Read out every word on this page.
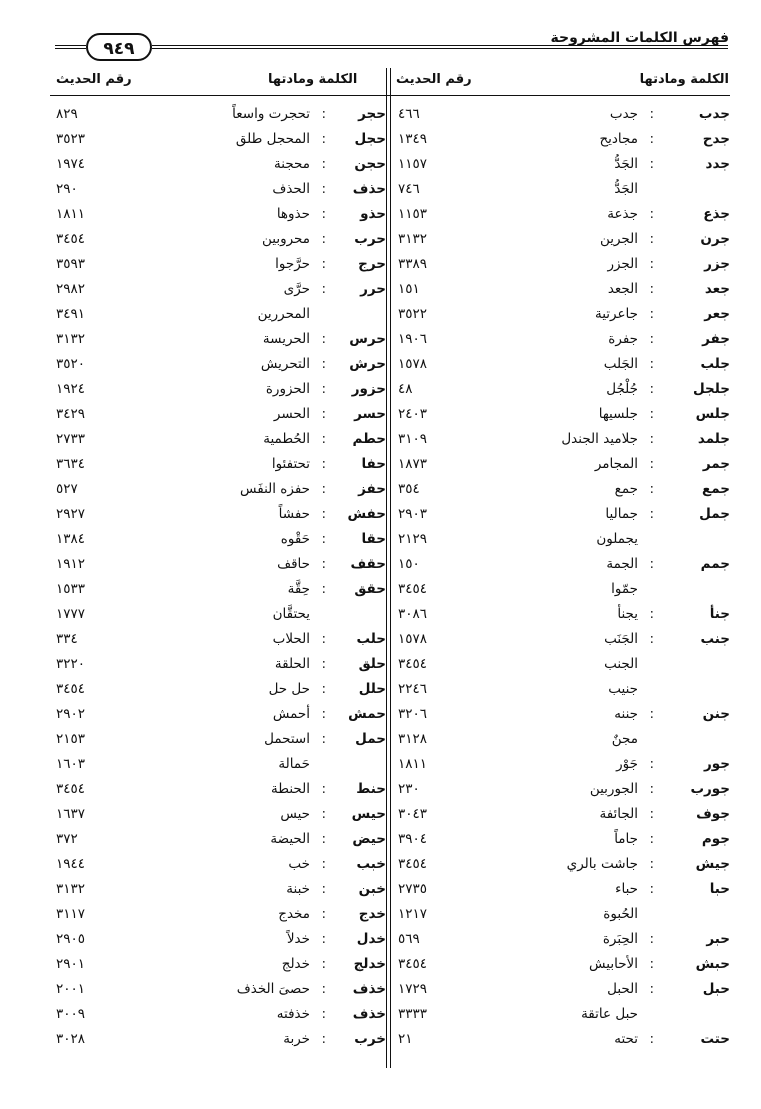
فهرس الكلمات المشروحة
٩٤٩
الكلمة ومادتها
رقم الحديث
الكلمة ومادتها
رقم الحديث
جدب
:
جدب
٤٦٦
جدح
:
مجاديح
١٣٤٩
جدد
:
الجَدُّ
١١٥٧
الجَدُّ
٧٤٦
جذع
:
جذعة
١١٥٣
جرن
:
الجرين
٣١٣٢
جزر
:
الجزر
٣٣٨٩
جعد
:
الجعد
١٥١
جعر
:
جاعرتية
٣٥٢٢
جفر
:
جفرة
١٩٠٦
جلب
:
الجَلب
١٥٧٨
جلجل
:
جُلْجُل
٤٨
جلس
:
جلسيها
٢٤٠٣
جلمد
:
جلاميد الجندل
٣١٠٩
جمر
:
المجامر
١٨٧٣
جمع
:
جمع
٣٥٤
جمل
:
جماليا
٢٩٠٣
يجملون
٢١٢٩
جمم
:
الجمة
١٥٠
جمّوا
٣٤٥٤
جنأ
:
يجنأ
٣٠٨٦
جنب
:
الجَنَب
١٥٧٨
الجنب
٣٤٥٤
جنيب
٢٢٤٦
جنن
:
جننه
٣٢٠٦
مجنٌ
٣١٢٨
جور
:
جَوْر
١٨١١
جورب
:
الجوربين
٢٣٠
جوف
:
الجائفة
٣٠٤٣
جوم
:
جاماً
٣٩٠٤
جيش
:
جاشت بالري
٣٤٥٤
حبا
:
حباء
٢٧٣٥
الحُبوة
١٢١٧
حبر
:
الحِبَرة
٥٦٩
حبش
:
الأحابيش
٣٤٥٤
حبل
:
الحبل
١٧٢٩
حبل عاتقة
٣٣٣٣
حتت
:
تحته
٢١
حجر
:
تحجرت واسعاً
٨٢٩
حجل
:
المحجل طلق
٣٥٢٣
حجن
:
محجنة
١٩٧٤
حذف
:
الحذف
٢٩٠
حذو
:
حذوها
١٨١١
حرب
:
محروبين
٣٤٥٤
حرج
:
حرَّجوا
٣٥٩٣
حرر
:
حرَّى
٢٩٨٢
المحررين
٣٤٩١
حرس
:
الحريسة
٣١٣٢
حرش
:
التحريش
٣٥٢٠
حزور
:
الحزورة
١٩٢٤
حسر
:
الحسر
٣٤٢٩
حطم
:
الحُطمية
٢٧٣٣
حفا
:
تحتفئوا
٣٦٣٤
حفز
:
حفزه النفَس
٥٢٧
حفش
:
حفشاً
٢٩٢٧
حقا
:
حَقْوه
١٣٨٤
حقف
:
حاقف
١٩١٢
حقق
:
حِقَّة
١٥٣٣
يحتقَّان
١٧٧٧
حلب
:
الحلاب
٣٣٤
حلق
:
الحلقة
٣٢٢٠
حلل
:
حل حل
٣٤٥٤
حمش
:
أحمش
٢٩٠٢
حمل
:
استحمل
٢١٥٣
حَمالة
١٦٠٣
حنط
:
الحنطة
٣٤٥٤
حيس
:
حيس
١٦٣٧
حيض
:
الحيضة
٣٧٢
خبب
:
خب
١٩٤٤
خبن
:
خبنة
٣١٣٢
خدج
:
مخدج
٣١١٧
خدل
:
خدلاً
٢٩٠٥
خدلج
:
خدلج
٢٩٠١
خذف
:
حصىَ الخذف
٢٠٠١
خذف
:
خذفته
٣٠٠٩
خرب
:
خربة
٣٠٢٨
